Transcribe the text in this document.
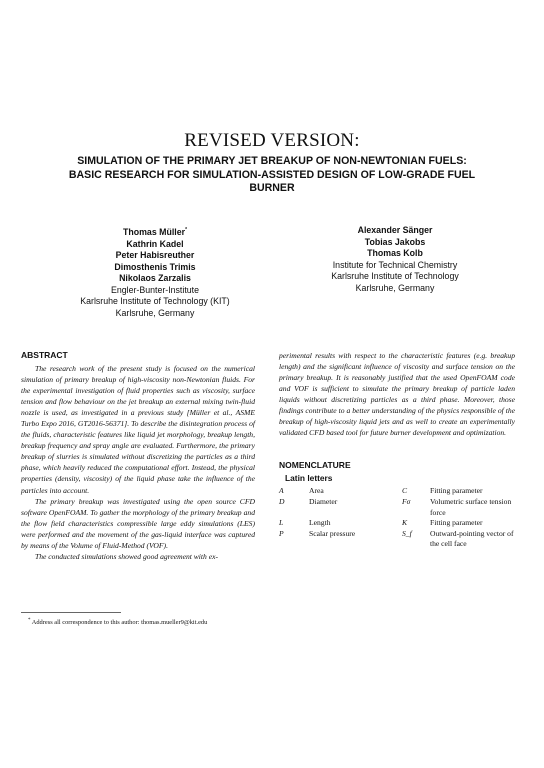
REVISED VERSION:
SIMULATION OF THE PRIMARY JET BREAKUP OF NON-NEWTONIAN FUELS:
BASIC RESEARCH FOR SIMULATION-ASSISTED DESIGN OF LOW-GRADE FUEL
BURNER
Thomas Müller*
Kathrin Kadel
Peter Habisreuther
Dimosthenis Trimis
Nikolaos Zarzalis
Engler-Bunter-Institute
Karlsruhe Institute of Technology (KIT)
Karlsruhe, Germany
Alexander Sänger
Tobias Jakobs
Thomas Kolb
Institute for Technical Chemistry
Karlsruhe Institute of Technology
Karlsruhe, Germany
ABSTRACT

The research work of the present study is focused on the numerical simulation of primary breakup of high-viscosity non-Newtonian fluids. For the experimental investigation of fluid properties such as viscosity, surface tension and flow behaviour on the jet breakup an external mixing twin-fluid nozzle is used, as investigated in a previous study [Müller et al., ASME Turbo Expo 2016, GT2016-56371]. To describe the disintegration process of the fluids, characteristic features like liquid jet morphology, breakup length, breakup frequency and spray angle are evaluated. Furthermore, the primary breakup of slurries is simulated without discretizing the particles as a third phase, which heavily reduced the computational effort. Instead, the physical properties (density, viscosity) of the liquid phase take the influence of the particles into account.

The primary breakup was investigated using the open source CFD software OpenFOAM. To gather the morphology of the primary breakup and the flow field characteristics compressible large eddy simulations (LES) were performed and the movement of the gas-liquid interface was captured by means of the Volume of Fluid-Method (VOF).

The conducted simulations showed good agreement with ex-

perimental results with respect to the characteristic features (e.g. breakup length) and the significant influence of viscosity and surface tension on the primary breakup. It is reasonably justified that the used OpenFOAM code and VOF is sufficient to simulate the primary breakup of particle laden liquids without discretizing particles as a third phase. Moreover, those findings contribute to a better understanding of the physics responsible of the breakup of high-viscosity liquid jets and as well to create an experimentally validated CFD based tool for future burner development and optimization.

NOMENCLATURE
Latin letters
A	Area	C	Fitting parameter
D	Diameter	Fσ	Volumetric surface tension force
L	Length	K	Fitting parameter
P	Scalar pressure	S_f	Outward-pointing vector of the cell face
* Address all correspondence to this author: thomas.mueller9@kit.edu
